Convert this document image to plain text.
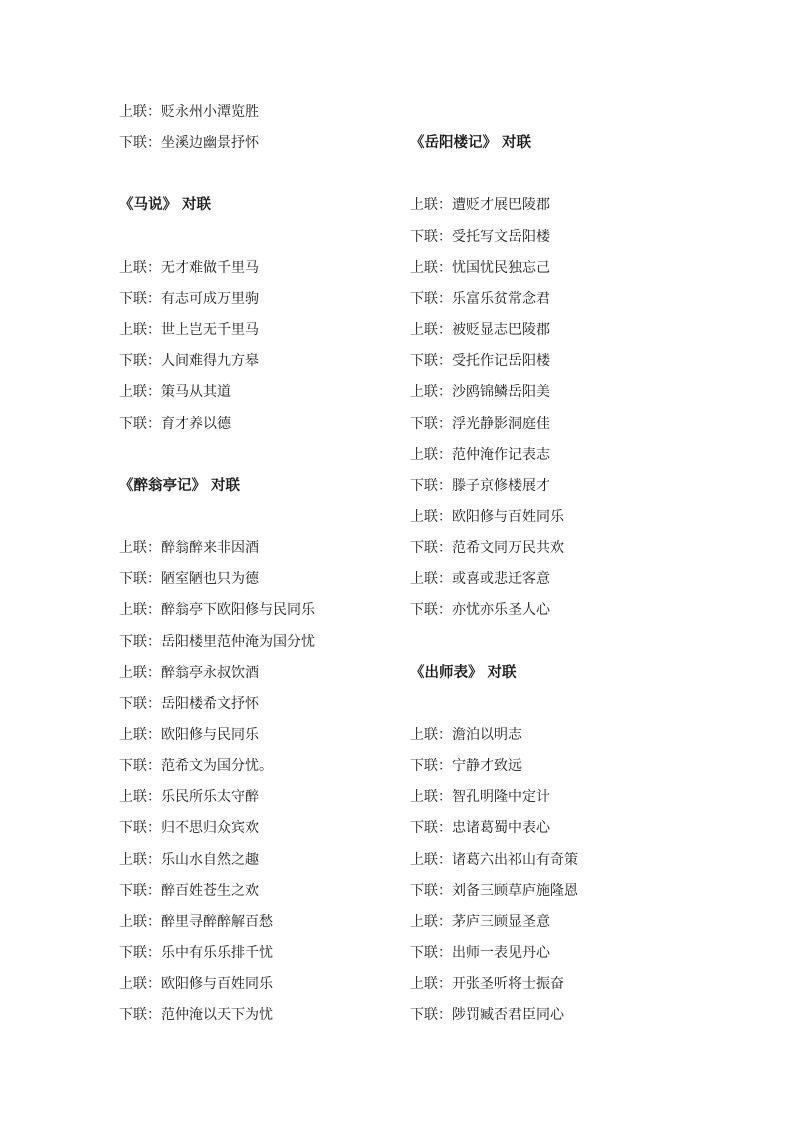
上联：贬永州小潭览胜
下联：坐溪边幽景抒怀
《马说》 对联
上联：无才难做千里马
下联：有志可成万里驹
上联：世上岂无千里马
下联：人间难得九方皋
上联：策马从其道
下联：育才养以德
《醉翁亭记》 对联
上联：醉翁醉来非因酒
下联：陋室陋也只为德
上联：醉翁亭下欧阳修与民同乐
下联：岳阳楼里范仲淹为国分忧
上联：醉翁亭永叔饮酒
下联：岳阳楼希文抒怀
上联：欧阳修与民同乐
下联：范希文为国分忧。
上联：乐民所乐太守醉
下联：归不思归众宾欢
上联：乐山水自然之趣
下联：醉百姓苍生之欢
上联：醉里寻醉醉解百愁
下联：乐中有乐乐排千忧
上联：欧阳修与百姓同乐
下联：范仲淹以天下为忧
《岳阳楼记》 对联
上联：遭贬才展巴陵郡
下联：受托写文岳阳楼
上联：忧国忧民独忘己
下联：乐富乐贫常念君
上联：被贬显志巴陵郡
下联：受托作记岳阳楼
上联：沙鸥锦鳞岳阳美
下联：浮光静影洞庭佳
上联：范仲淹作记表志
下联：滕子京修楼展才
上联：欧阳修与百姓同乐
下联：范希文同万民共欢
上联：或喜或悲迁客意
下联：亦忧亦乐圣人心
《出师表》 对联
上联：澹泊以明志
下联：宁静才致远
上联：智孔明隆中定计
下联：忠诸葛蜀中表心
上联：诸葛六出祁山有奇策
下联：刘备三顾草庐施隆恩
上联：茅庐三顾显圣意
下联：出师一表见丹心
上联：开张圣听将士振奋
下联：陟罚臧否君臣同心
